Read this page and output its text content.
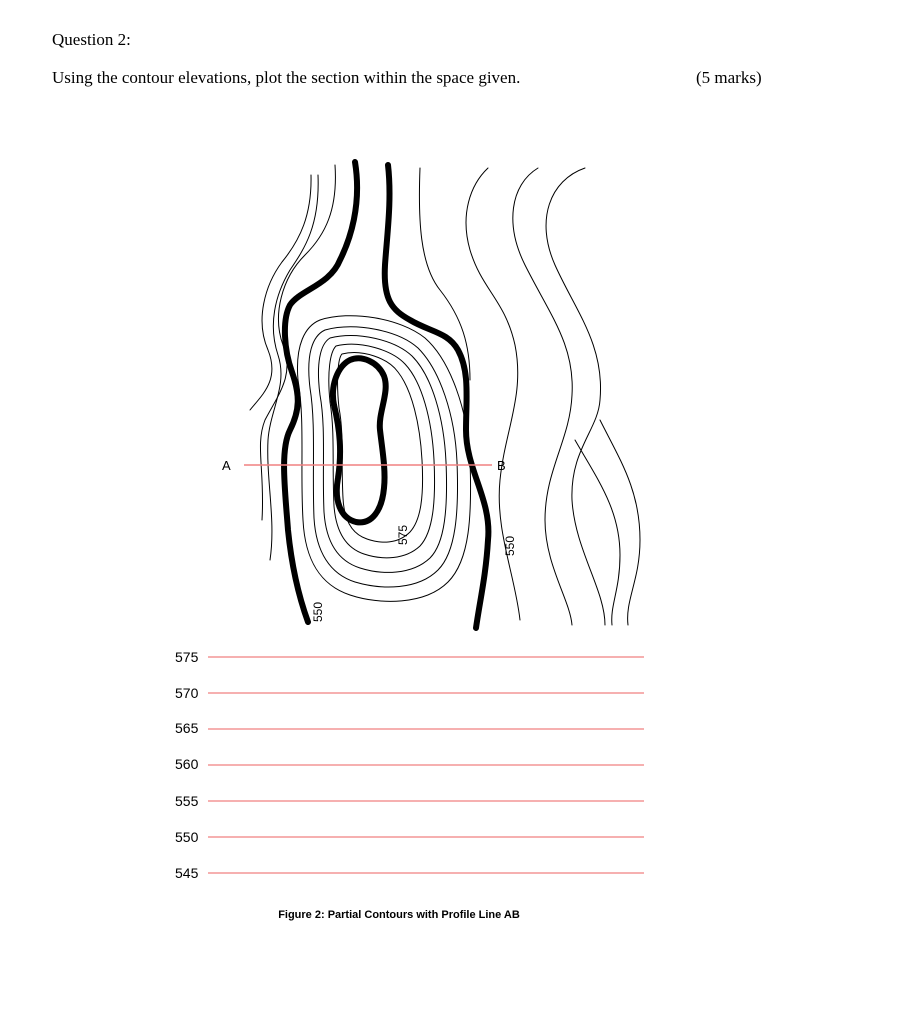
Question 2:
Using the contour elevations, plot the section within the space given.	(5 marks)
A	B
575
550
550
575
570
565
560
555
550
545
Figure 2: Partial Contours with Profile Line AB
